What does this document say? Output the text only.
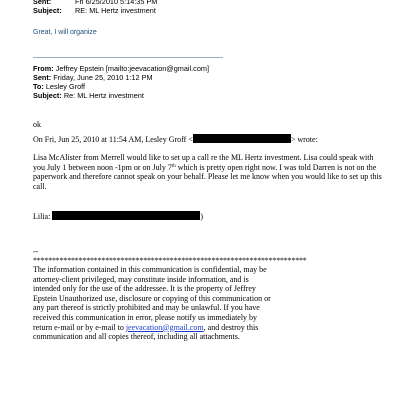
Sent:	Fri 6/25/2010 5:14:35 PM
Subject: RE: ML Hertz investment
Great, I will organize
From: Jeffrey Epstein [mailto:jeevacation@gmail.com]
Sent: Friday, June 25, 2010 1:12 PM
To: Lesley Groff
Subject: Re: ML Hertz investment
ok
On Fri, Jun 25, 2010 at 11:54 AM, Lesley Groff <	> wrote:
Lisa McAlister from Merrell would like to set up a call re the ML Hertz investment. Lisa could speak with you July 1 between noon -1pm or on July 7th which is pretty open right now. I was told Darren is not on the paperwork and therefore cannot speak on your behalf. Please let me know when you would like to set up this call.
Lilia:	)
--
************************************************************************
The information contained in this communication is confidential, may be attorney-client privileged, may constitute inside information, and is intended only for the use of the addressee. It is the property of Jeffrey Epstein Unauthorized use, disclosure or copying of this communication or any part thereof is strictly prohibited and may be unlawful. If you have received this communication in error, please notify us immediately by return e-mail or by e-mail to jeevacation@gmail.com, and destroy this communication and all copies thereof, including all attachments.
